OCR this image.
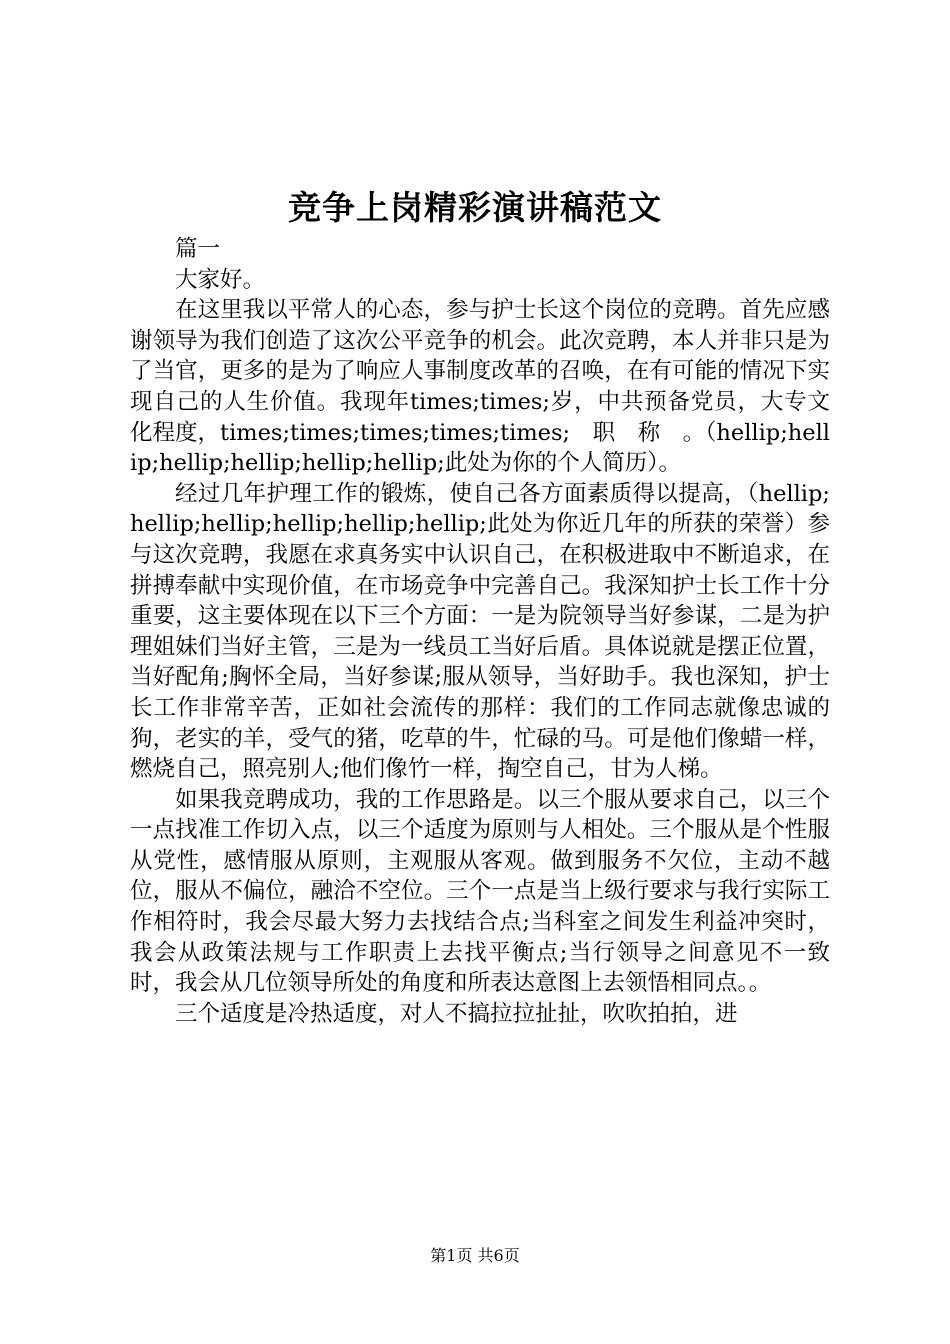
竞争上岗精彩演讲稿范文

篇一

大家好。

在这里我以平常人的心态，参与护士长这个岗位的竞聘。首先应感谢领导为我们创造了这次公平竞争的机会。此次竞聘，本人并非只是为了当官，更多的是为了响应人事制度改革的召唤，在有可能的情况下实现自己的人生价值。我现年times;times;岁，中共预备党员，大专文化程度，times;times;times;times;times;　职　称　。（hellip;hellip;hellip;hellip;hellip;hellip;此处为你的个人简历）。

经过几年护理工作的锻炼，使自己各方面素质得以提高，（hellip;hellip;hellip;hellip;hellip;hellip;此处为你近几年的所获的荣誉）参与这次竞聘，我愿在求真务实中认识自己，在积极进取中不断追求，在拼搏奉献中实现价值，在市场竞争中完善自己。我深知护士长工作十分重要，这主要体现在以下三个方面：一是为院领导当好参谋，二是为护理姐妹们当好主管，三是为一线员工当好后盾。具体说就是摆正位置，当好配角;胸怀全局，当好参谋;服从领导，当好助手。我也深知，护士长工作非常辛苦，正如社会流传的那样：我们的工作同志就像忠诚的狗，老实的羊，受气的猪，吃草的牛，忙碌的马。可是他们像蜡一样，燃烧自己，照亮别人;他们像竹一样，掏空自己，甘为人梯。

如果我竞聘成功，我的工作思路是。以三个服从要求自己，以三个一点找准工作切入点，以三个适度为原则与人相处。三个服从是个性服从党性，感情服从原则，主观服从客观。做到服务不欠位，主动不越位，服从不偏位，融洽不空位。三个一点是当上级行要求与我行实际工作相符时，我会尽最大努力去找结合点;当科室之间发生利益冲突时，我会从政策法规与工作职责上去找平衡点;当行领导之间意见不一致时，我会从几位领导所处的角度和所表达意图上去领悟相同点。。

三个适度是冷热适度，对人不搞拉拉扯扯，吹吹拍拍，进

第1页 共6页
